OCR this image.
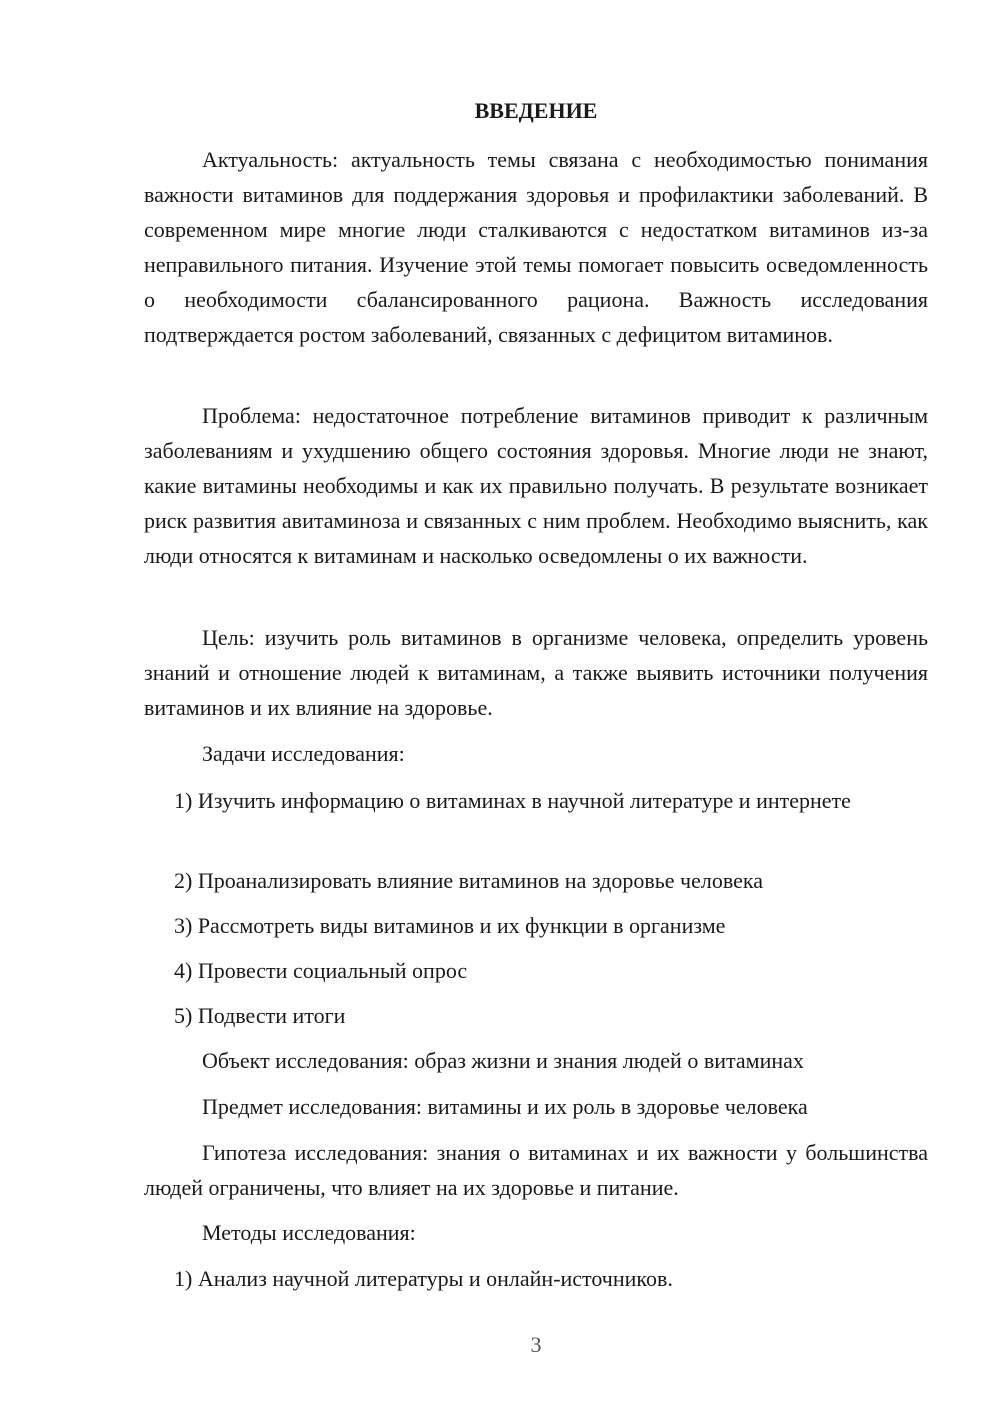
ВВЕДЕНИЕ

Актуальность: актуальность темы связана с необходимостью понимания важности витаминов для поддержания здоровья и профилактики заболеваний. В современном мире многие люди сталкиваются с недостатком витаминов из-за неправильного питания. Изучение этой темы помогает повысить осведомленность о необходимости сбалансированного рациона. Важность исследования подтверждается ростом заболеваний, связанных с дефицитом витаминов.

Проблема: недостаточное потребление витаминов приводит к различным заболеваниям и ухудшению общего состояния здоровья. Многие люди не знают, какие витамины необходимы и как их правильно получать. В результате возникает риск развития авитаминоза и связанных с ним проблем. Необходимо выяснить, как люди относятся к витаминам и насколько осведомлены о их важности.

Цель: изучить роль витаминов в организме человека, определить уровень знаний и отношение людей к витаминам, а также выявить источники получения витаминов и их влияние на здоровье.

Задачи исследования:

1) Изучить информацию о витаминах в научной литературе и интернете

2) Проанализировать влияние витаминов на здоровье человека

3) Рассмотреть виды витаминов и их функции в организме

4) Провести социальный опрос

5) Подвести итоги

Объект исследования: образ жизни и знания людей о витаминах

Предмет исследования: витамины и их роль в здоровье человека

Гипотеза исследования: знания о витаминах и их важности у большинства людей ограничены, что влияет на их здоровье и питание.

Методы исследования:

1) Анализ научной литературы и онлайн-источников.

3
